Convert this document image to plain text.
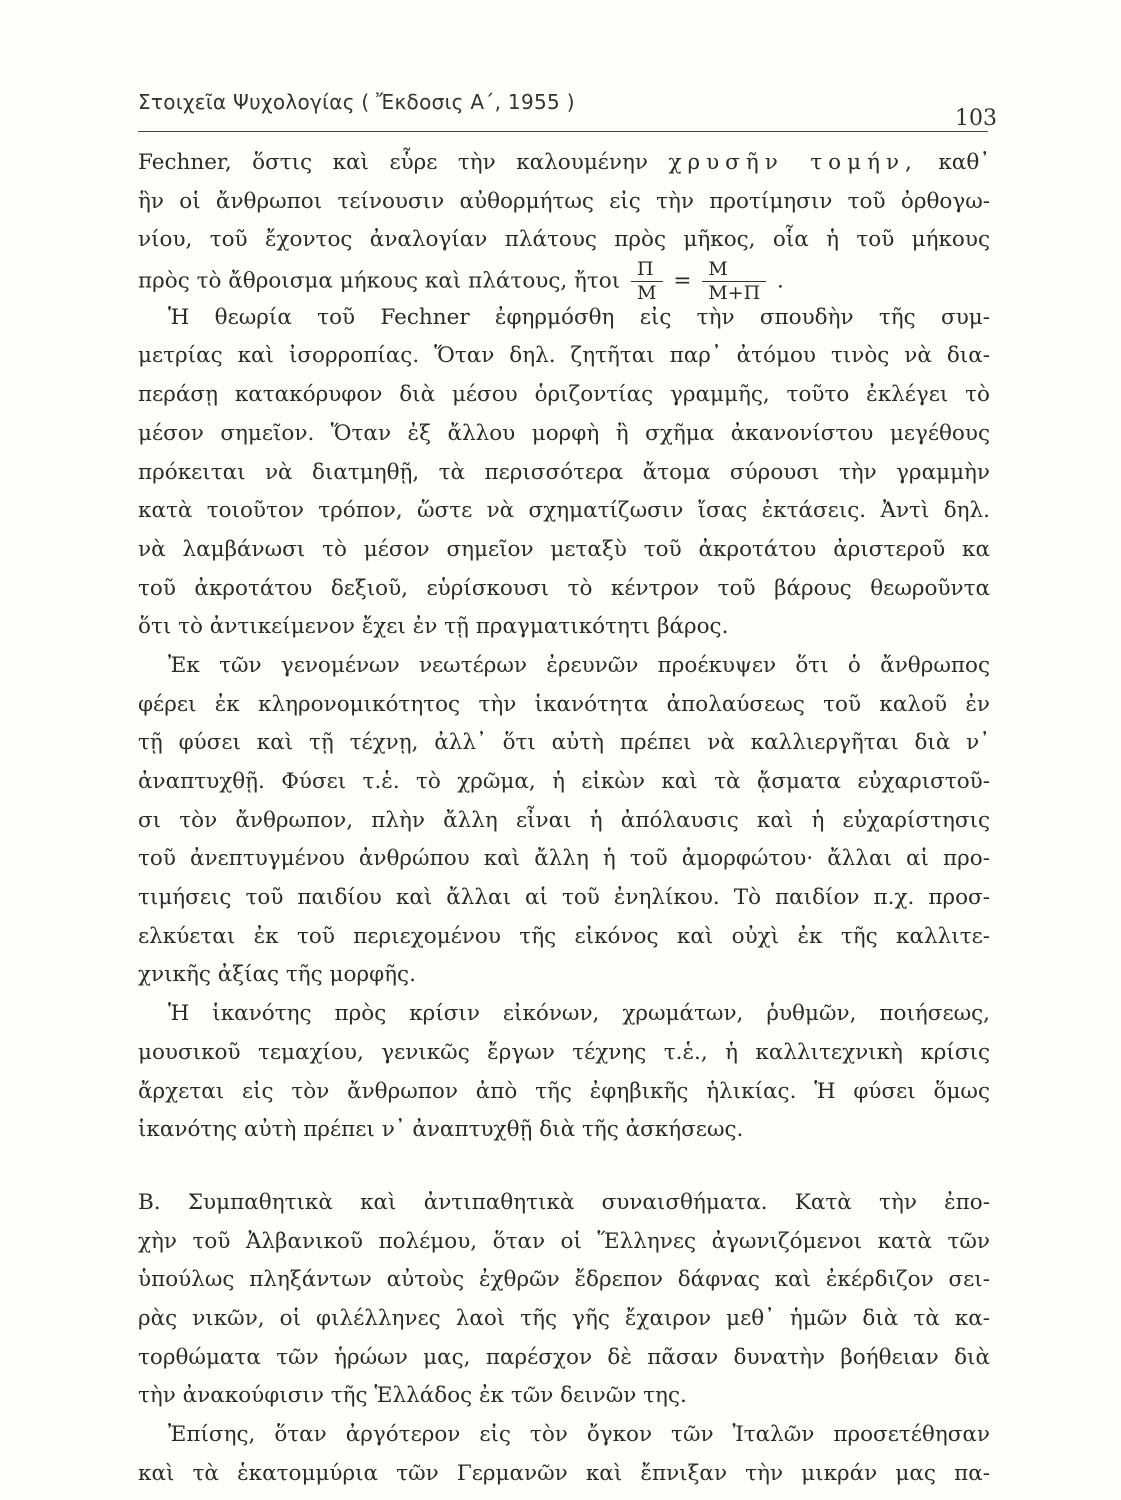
Στοιχεῖα Ψυχολογίας ( Ἔκδοσις Α΄, 1955 )
103
Fechner, ὅστις καὶ εὗρε τὴν καλουμένην χρυσῆν τομήν, καθ᾿
ἣν οἱ ἄνθρωποι τείνουσιν αὐθορμήτως εἰς τὴν προτίμησιν τοῦ ὀρθογω-
νίου, τοῦ ἔχοντος ἀναλογίαν πλάτους πρὸς μῆκος, οἷα ἡ τοῦ μήκους
πρὸς τὸ ἄθροισμα μήκους καὶ πλάτους, ἤτοι $\frac{\Pi}{M} = \frac{M}{M+\Pi}$ .
Ἡ θεωρία τοῦ Fechner ἐφηρμόσθη εἰς τὴν σπουδὴν τῆς συμ-
μετρίας καὶ ἰσορροπίας. Ὅταν δηλ. ζητῆται παρ᾿ ἀτόμου τινὸς νὰ δια-
περάσῃ κατακόρυφον διὰ μέσου ὁριζοντίας γραμμῆς, τοῦτο ἐκλέγει τὸ
μέσον σημεῖον. Ὅταν ἐξ ἄλλου μορφὴ ἢ σχῆμα ἀκανονίστου μεγέθους
πρόκειται νὰ διατμηθῇ, τὰ περισσότερα ἄτομα σύρουσι τὴν γραμμὴν
κατὰ τοιοῦτον τρόπον, ὥστε νὰ σχηματίζωσιν ἴσας ἐκτάσεις. Ἀντὶ δηλ.
νὰ λαμβάνωσι τὸ μέσον σημεῖον μεταξὺ τοῦ ἀκροτάτου ἀριστεροῦ κα
τοῦ ἀκροτάτου δεξιοῦ, εὑρίσκουσι τὸ κέντρον τοῦ βάρους θεωροῦντα
ὅτι τὸ ἀντικείμενον ἔχει ἐν τῇ πραγματικότητι βάρος.
Ἐκ τῶν γενομένων νεωτέρων ἐρευνῶν προέκυψεν ὅτι ὁ ἄνθρωπος
φέρει ἐκ κληρονομικότητος τὴν ἱκανότητα ἀπολαύσεως τοῦ καλοῦ ἐν
τῇ φύσει καὶ τῇ τέχνῃ, ἀλλ᾿ ὅτι αὐτὴ πρέπει νὰ καλλιεργῆται διὰ ν᾿
ἀναπτυχθῇ. Φύσει τ.ἑ. τὸ χρῶμα, ἡ εἰκὼν καὶ τὰ ᾄσματα εὐχαριστοῦ-
σι τὸν ἄνθρωπον, πλὴν ἄλλη εἶναι ἡ ἀπόλαυσις καὶ ἡ εὐχαρίστησις
τοῦ ἀνεπτυγμένου ἀνθρώπου καὶ ἄλλη ἡ τοῦ ἀμορφώτου· ἄλλαι αἱ προ-
τιμήσεις τοῦ παιδίου καὶ ἄλλαι αἱ τοῦ ἐνηλίκου. Τὸ παιδίον π.χ. προσ-
ελκύεται ἐκ τοῦ περιεχομένου τῆς εἰκόνος καὶ οὐχὶ ἐκ τῆς καλλιτε-
χνικῆς ἀξίας τῆς μορφῆς.
Ἡ ἱκανότης πρὸς κρίσιν εἰκόνων, χρωμάτων, ῥυθμῶν, ποιήσεως,
μουσικοῦ τεμαχίου, γενικῶς ἔργων τέχνης τ.ἑ., ἡ καλλιτεχνικὴ κρίσις
ἄρχεται εἰς τὸν ἄνθρωπον ἀπὸ τῆς ἐφηβικῆς ἡλικίας. Ἡ φύσει ὅμως
ἱκανότης αὐτὴ πρέπει ν᾿ ἀναπτυχθῇ διὰ τῆς ἀσκήσεως.
Β. Συμπαθητικὰ καὶ ἀντιπαθητικὰ συναισθήματα. Κατὰ τὴν ἐπο-
χὴν τοῦ Ἀλβανικοῦ πολέμου, ὅταν οἱ Ἕλληνες ἀγωνιζόμενοι κατὰ τῶν
ὑπούλως πληξάντων αὐτοὺς ἐχθρῶν ἔδρεπον δάφνας καὶ ἐκέρδιζον σει-
ρὰς νικῶν, οἱ φιλέλληνες λαοὶ τῆς γῆς ἔχαιρον μεθ᾿ ἡμῶν διὰ τὰ κα-
τορθώματα τῶν ἡρώων μας, παρέσχον δὲ πᾶσαν δυνατὴν βοήθειαν διὰ
τὴν ἀνακούφισιν τῆς Ἑλλάδος ἐκ τῶν δεινῶν της.
Ἐπίσης, ὅταν ἀργότερον εἰς τὸν ὄγκον τῶν Ἰταλῶν προσετέθησαν
καὶ τὰ ἑκατομμύρια τῶν Γερμανῶν καὶ ἔπνιξαν τὴν μικράν μας πα-
